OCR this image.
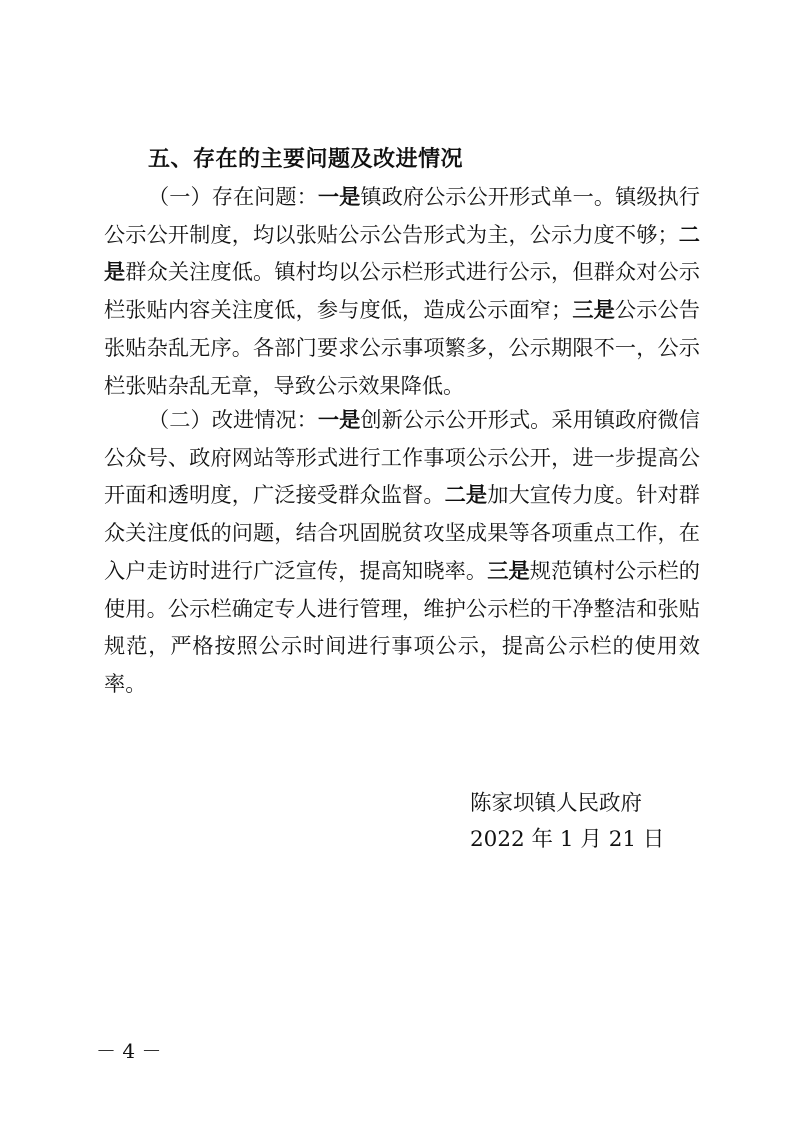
五、存在的主要问题及改进情况
（一）存在问题：一是镇政府公示公开形式单一。镇级执行公示公开制度，均以张贴公示公告形式为主，公示力度不够；二是群众关注度低。镇村均以公示栏形式进行公示，但群众对公示栏张贴内容关注度低，参与度低，造成公示面窄；三是公示公告张贴杂乱无序。各部门要求公示事项繁多，公示期限不一，公示栏张贴杂乱无章，导致公示效果降低。
（二）改进情况：一是创新公示公开形式。采用镇政府微信公众号、政府网站等形式进行工作事项公示公开，进一步提高公开面和透明度，广泛接受群众监督。二是加大宣传力度。针对群众关注度低的问题，结合巩固脱贫攻坚成果等各项重点工作，在入户走访时进行广泛宣传，提高知晓率。三是规范镇村公示栏的使用。公示栏确定专人进行管理，维护公示栏的干净整洁和张贴规范，严格按照公示时间进行事项公示，提高公示栏的使用效率。
陈家坝镇人民政府
2022 年 1 月 21 日
－ 4 －
